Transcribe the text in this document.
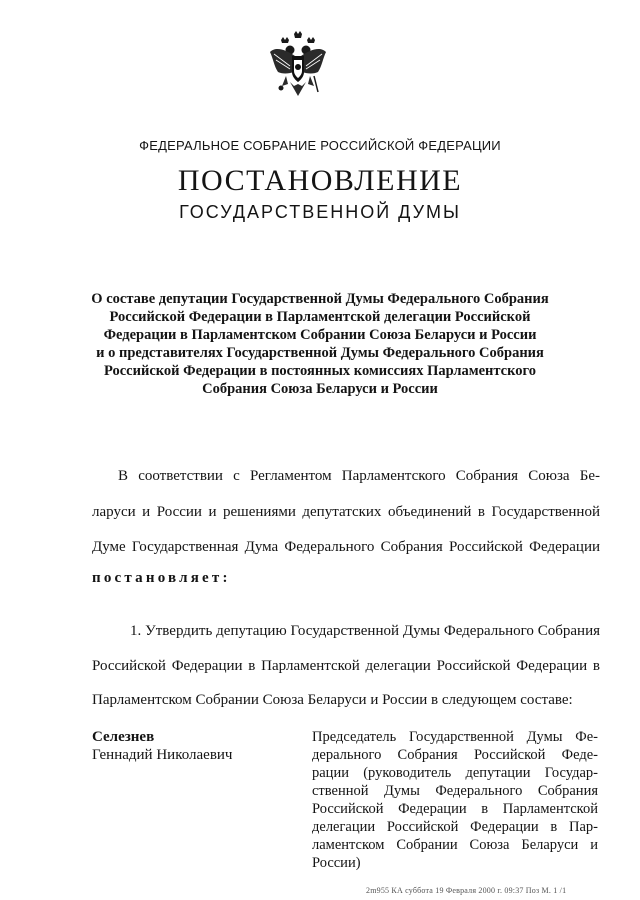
ФЕДЕРАЛЬНОЕ СОБРАНИЕ РОССИЙСКОЙ ФЕДЕРАЦИИ
ПОСТАНОВЛЕНИЕ
ГОСУДАРСТВЕННОЙ ДУМЫ
О составе депутации Государственной Думы Федерального Собрания
Российской Федерации в Парламентской делегации Российской
Федерации в Парламентском Собрании Союза Беларуси и России
и о представителях Государственной Думы Федерального Собрания
Российской Федерации в постоянных комиссиях Парламентского
Собрания Союза Беларуси и России
В соответствии с Регламентом Парламентского Собрания Союза Бе-
ларуси и России и решениями депутатских объединений в Государственной
Думе Государственная Дума Федерального Собрания Российской Федерации
постановляет:
1. Утвердить депутацию Государственной Думы Федерального Собрания
Российской Федерации в Парламентской делегации Российской Федерации в
Парламентском Собрании Союза Беларуси и России в следующем составе:
Селезнев
Геннадий Николаевич
Председатель Государственной Думы Фе-
дерального Собрания Российской Феде-
рации (руководитель депутации Государ-
ственной Думы Федерального Собрания
Российской Федерации в Парламентской
делегации Российской Федерации в Пар-
ламентском Собрании Союза Беларуси и
России)
2m955 КА суббота 19 Февраля 2000 г. 09:37 Поз М. 1 /1
